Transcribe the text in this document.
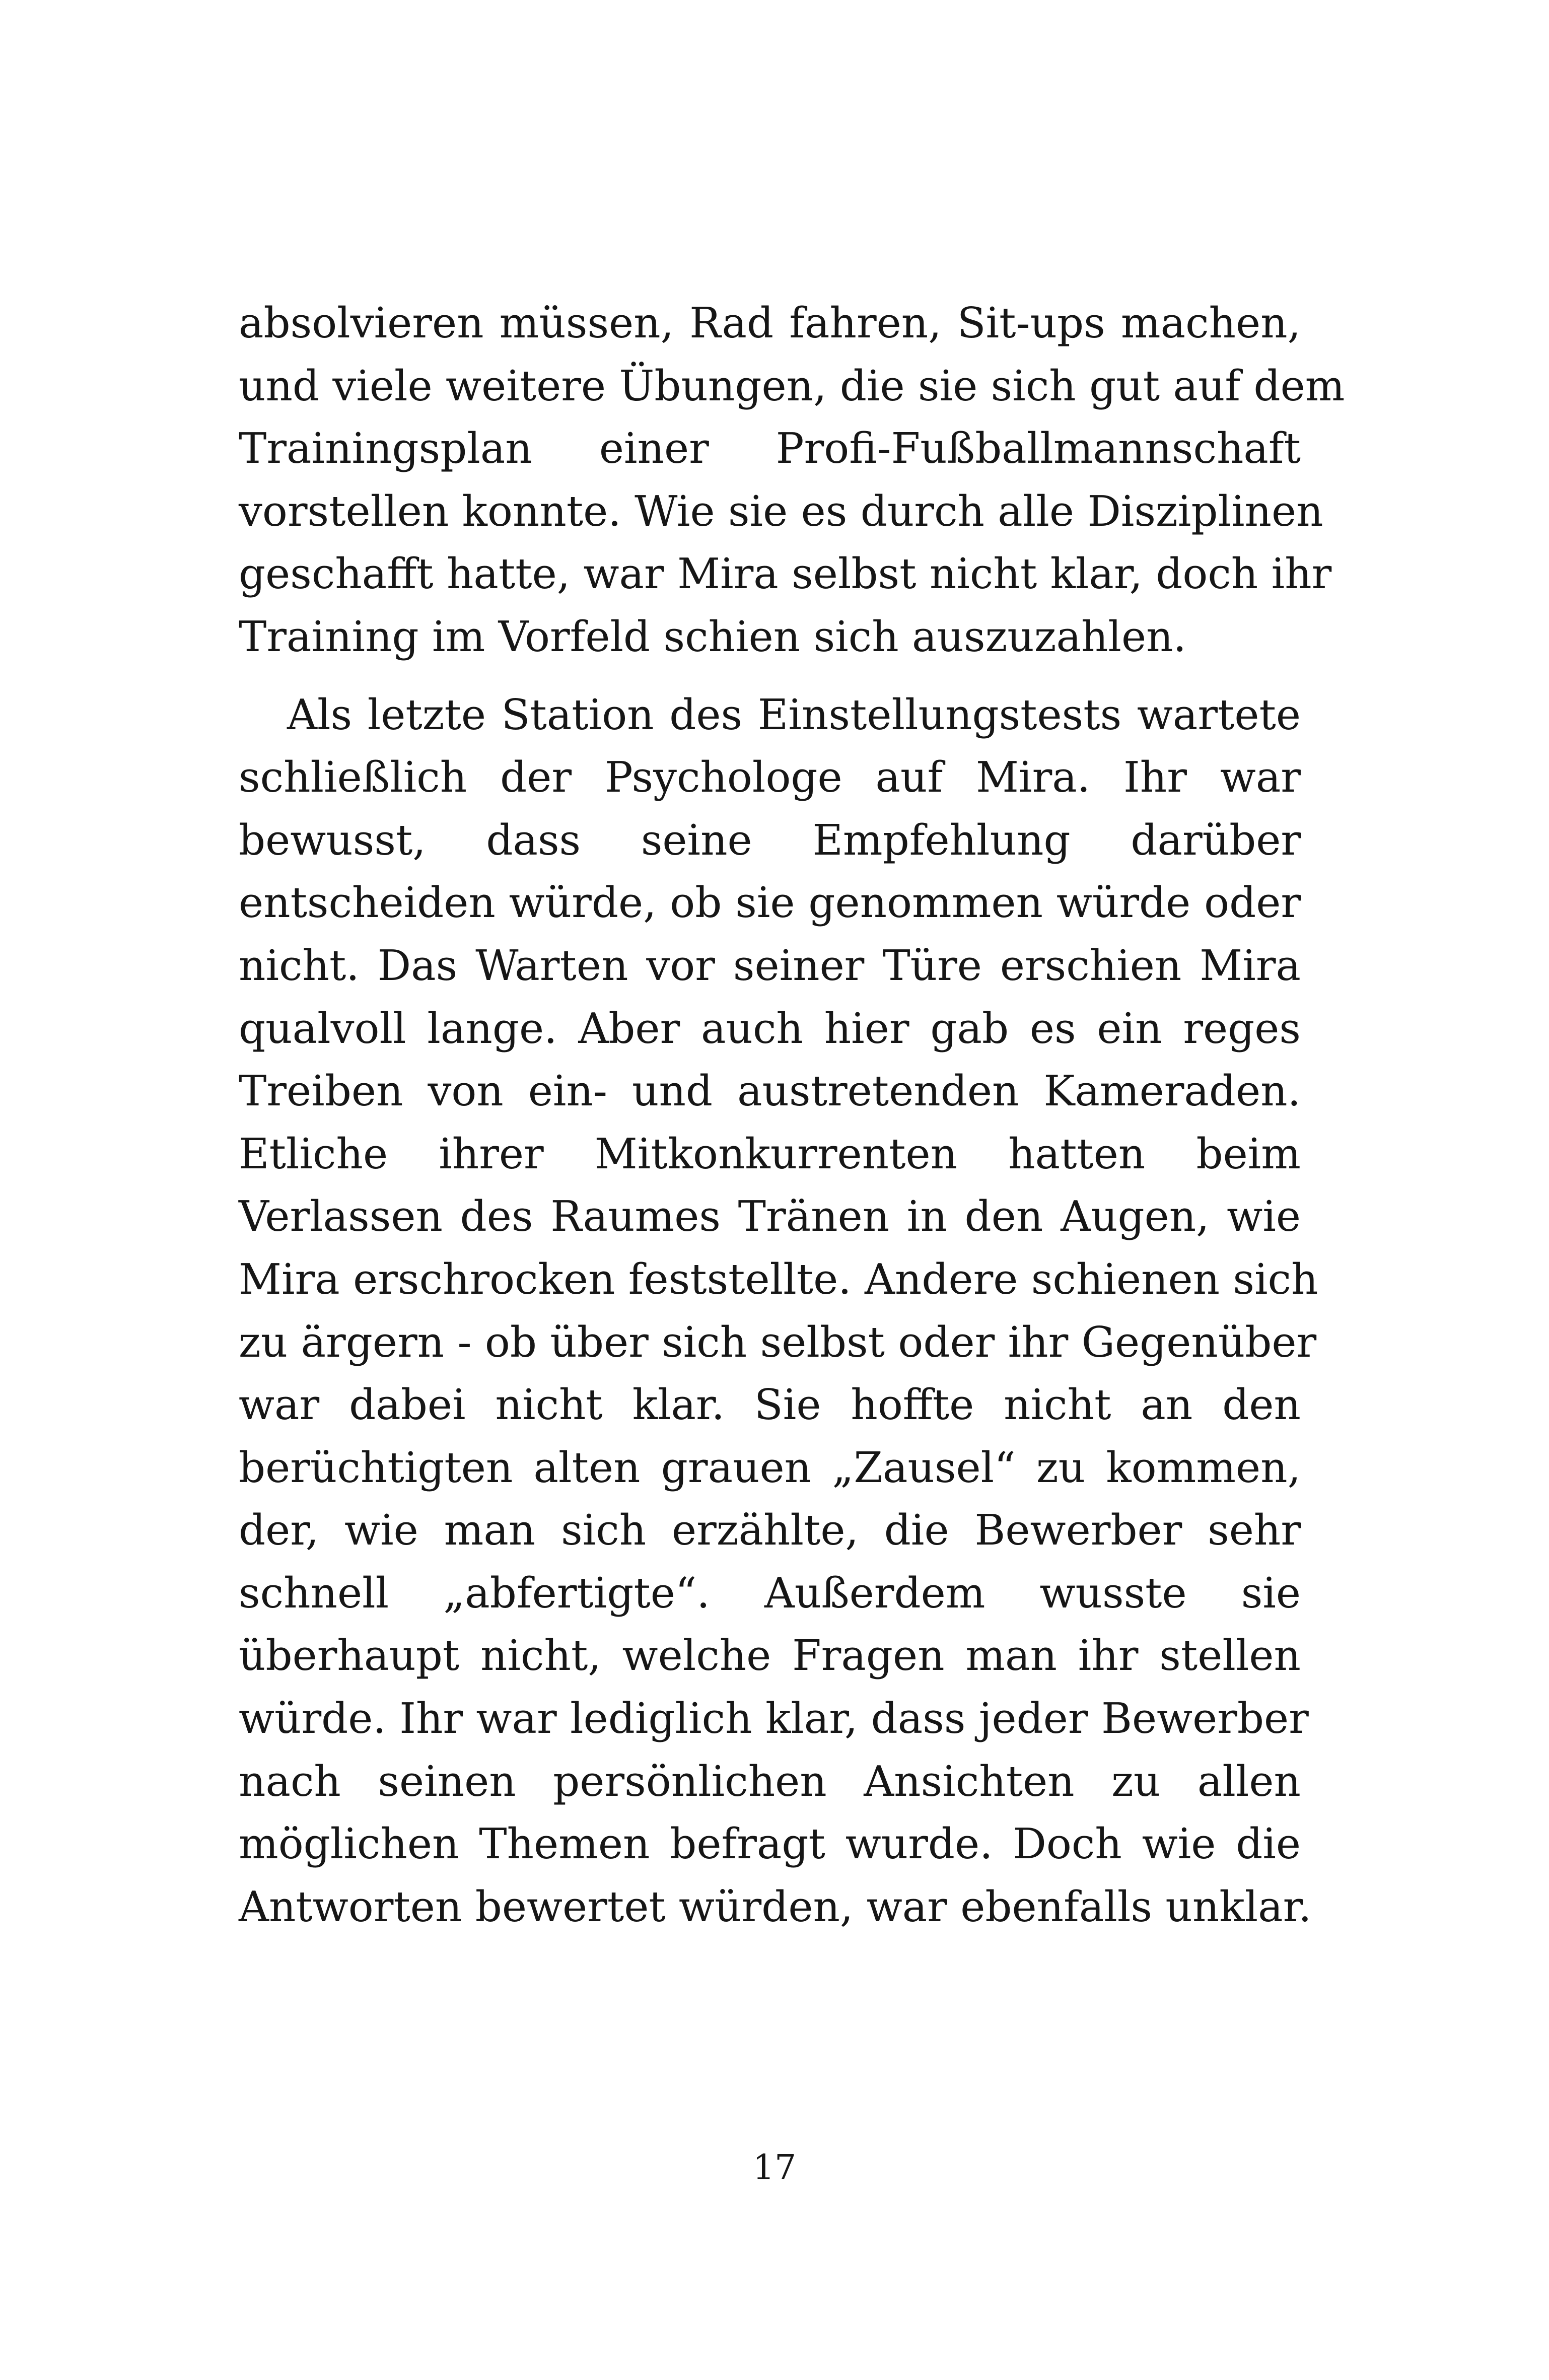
absolvieren müssen, Rad fahren, Sit-ups machen,
und viele weitere Übungen, die sie sich gut auf dem
Trainingsplan einer Profi-Fußballmannschaft
vorstellen konnte. Wie sie es durch alle Disziplinen
geschafft hatte, war Mira selbst nicht klar, doch ihr
Training im Vorfeld schien sich auszuzahlen.
Als letzte Station des Einstellungstests wartete
schließlich der Psychologe auf Mira. Ihr war
bewusst, dass seine Empfehlung darüber
entscheiden würde, ob sie genommen würde oder
nicht. Das Warten vor seiner Türe erschien Mira
qualvoll lange. Aber auch hier gab es ein reges
Treiben von ein- und austretenden Kameraden.
Etliche ihrer Mitkonkurrenten hatten beim
Verlassen des Raumes Tränen in den Augen, wie
Mira erschrocken feststellte. Andere schienen sich
zu ärgern - ob über sich selbst oder ihr Gegenüber
war dabei nicht klar. Sie hoffte nicht an den
berüchtigten alten grauen „Zausel“ zu kommen,
der, wie man sich erzählte, die Bewerber sehr
schnell „abfertigte“. Außerdem wusste sie
überhaupt nicht, welche Fragen man ihr stellen
würde. Ihr war lediglich klar, dass jeder Bewerber
nach seinen persönlichen Ansichten zu allen
möglichen Themen befragt wurde. Doch wie die
Antworten bewertet würden, war ebenfalls unklar.
17
